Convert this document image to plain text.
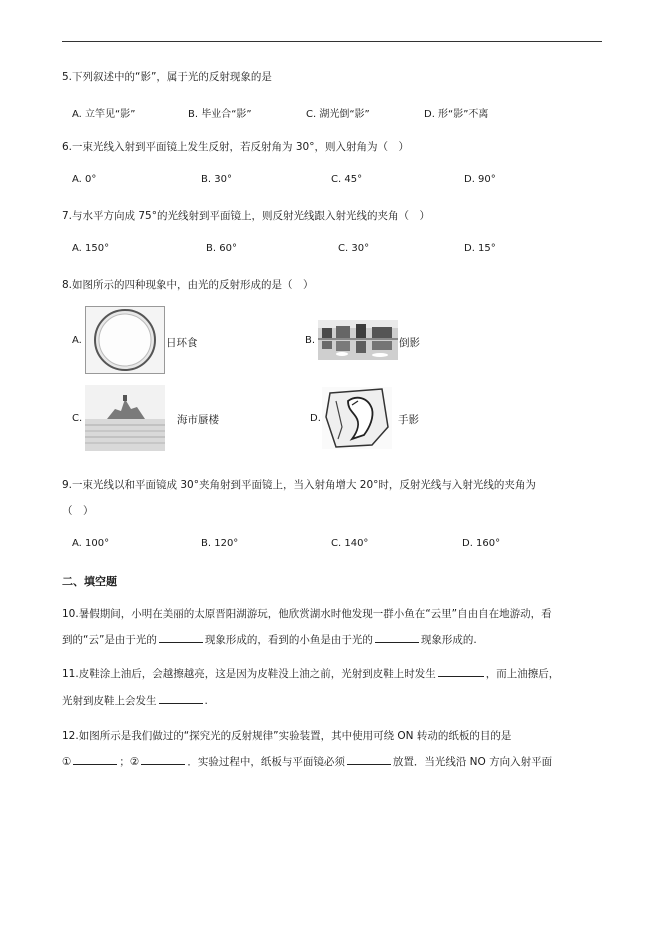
5.下列叙述中的“影”，属于光的反射现象的是
A. 立竿见“影”	B. 毕业合“影”	C. 湖光倒“影”	D. 形“影”不离
6.一束光线入射到平面镜上发生反射，若反射角为 30°，则入射角为（　）
A. 0°	B. 30°	C. 45°	D. 90°
7.与水平方向成 75°的光线射到平面镜上，则反射光线跟入射光线的夹角（　）
A. 150°	B. 60°	C. 30°	D. 15°
8.如图所示的四种现象中，由光的反射形成的是（　）
A.	日环食	B.	倒影
C.	海市蜃楼	D.	手影
9.一束光线以和平面镜成 30°夹角射到平面镜上，当入射角增大 20°时，反射光线与入射光线的夹角为
（　）
A. 100°	B. 120°	C. 140°	D. 160°
二、填空题
10.暑假期间，小明在美丽的太原晋阳湖游玩，他欣赏湖水时他发现一群小鱼在“云里”自由自在地游动，看
到的“云”是由于光的	现象形成的，看到的小鱼是由于光的	现象形成的.
11.皮鞋涂上油后，会越擦越亮，这是因为皮鞋没上油之前，光射到皮鞋上时发生	，而上油擦后，
光射到皮鞋上会发生	.
12.如图所示是我们做过的“探究光的反射规律”实验装置，其中使用可绕 ON 转动的纸板的目的是
①	；②	．实验过程中，纸板与平面镜必须	放置．当光线沿 NO 方向入射平面
